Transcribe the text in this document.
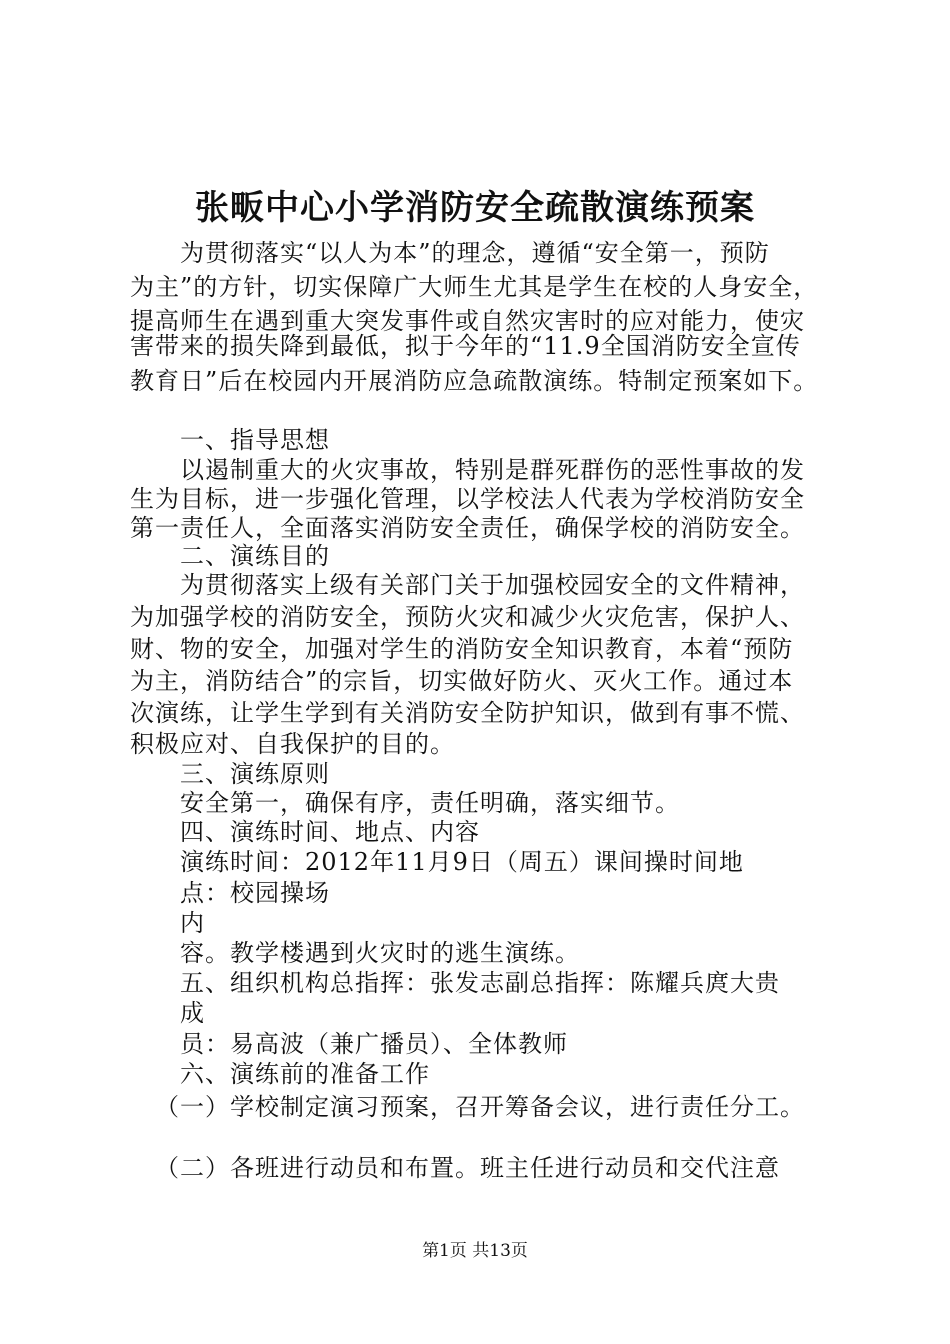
张畈中心小学消防安全疏散演练预案
为贯彻落实“以人为本”的理念，遵循“安全第一，预防
为主”的方针，切实保障广大师生尤其是学生在校的人身安全，
提高师生在遇到重大突发事件或自然灾害时的应对能力，使灾
害带来的损失降到最低，拟于今年的“11.9全国消防安全宣传
教育日”后在校园内开展消防应急疏散演练。特制定预案如下。
一、指导思想
以遏制重大的火灾事故，特别是群死群伤的恶性事故的发
生为目标，进一步强化管理，以学校法人代表为学校消防安全
第一责任人，全面落实消防安全责任，确保学校的消防安全。
二、演练目的
为贯彻落实上级有关部门关于加强校园安全的文件精神，
为加强学校的消防安全，预防火灾和减少火灾危害，保护人、
财、物的安全，加强对学生的消防安全知识教育，本着“预防
为主，消防结合”的宗旨，切实做好防火、灭火工作。通过本
次演练，让学生学到有关消防安全防护知识，做到有事不慌、
积极应对、自我保护的目的。
三、演练原则
安全第一，确保有序，责任明确，落实细节。
四、演练时间、地点、内容
演练时间：2012年11月9日（周五）课间操时间地
点：校园操场
内
容。教学楼遇到火灾时的逃生演练。
五、组织机构总指挥：张发志副总指挥：陈耀兵庹大贵
成
员：易高波（兼广播员）、全体教师
六、演练前的准备工作
（一）学校制定演习预案，召开筹备会议，进行责任分工。
（二）各班进行动员和布置。班主任进行动员和交代注意
第1页 共13页
